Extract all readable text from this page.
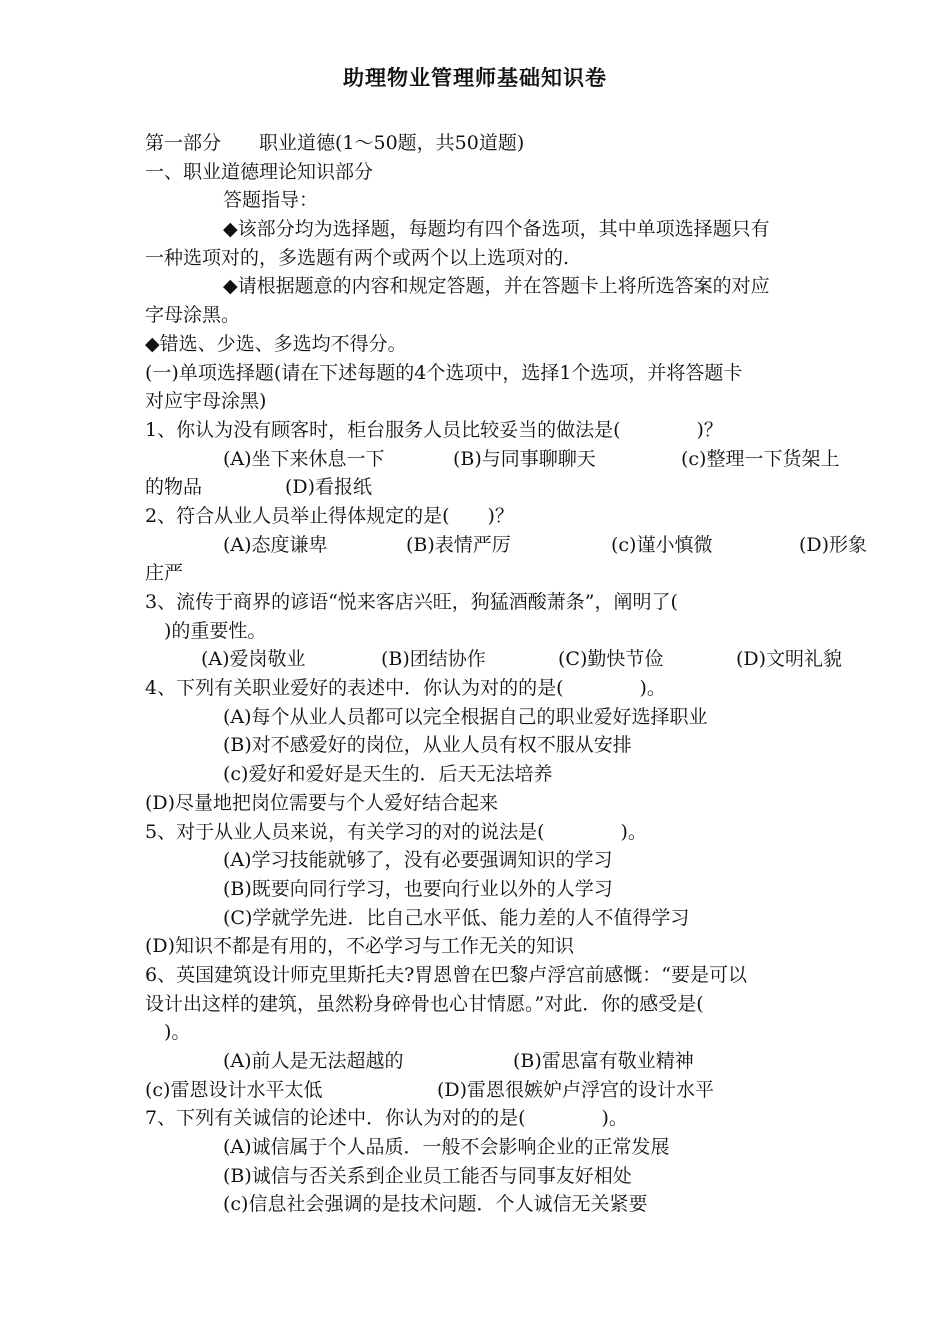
助理物业管理师基础知识卷
第一部分　　职业道德(1～50题，共50道题)
一、职业道德理论知识部分
答题指导：
◆该部分均为选择题，每题均有四个备选项，其中单项选择题只有
一种选项对的，多选题有两个或两个以上选项对的.
◆请根据题意的内容和规定答题，并在答题卡上将所选答案的对应
字母涂黑。
◆错选、少选、多选均不得分。
(一)单项选择题(请在下述每题的4个选项中，选择1个选项，并将答题卡
对应宇母涂黑)
1、你认为没有顾客时，柜台服务人员比较妥当的做法是(　　　　)？
(A)坐下来休息一下	(B)与同事聊聊天	(c)整理一下货架上
的物品	(D)看报纸
2、符合从业人员举止得体规定的是(　　)？
(A)态度谦卑	(B)表情严厉	(c)谨小慎微	(D)形象
庄严
3、流传于商界的谚语“悦来客店兴旺，狗猛酒酸萧条”，阐明了(
　)的重要性。
(A)爱岗敬业	(B)团结协作	(C)勤快节俭	(D)文明礼貌
4、下列有关职业爱好的表述中．你认为对的的是(　　　　)。
(A)每个从业人员都可以完全根据自己的职业爱好选择职业
(B)对不感爱好的岗位，从业人员有权不服从安排
(c)爱好和爱好是天生的．后天无法培养
(D)尽量地把岗位需要与个人爱好结合起来
5、对于从业人员来说，有关学习的对的说法是(　　　　)。
(A)学习技能就够了，没有必要强调知识的学习
(B)既要向同行学习，也要向行业以外的人学习
(C)学就学先进．比自己水平低、能力差的人不值得学习
(D)知识不都是有用的，不必学习与工作无关的知识
6、英国建筑设计师克里斯托夫?胃恩曾在巴黎卢浮宫前感慨：“要是可以
设计出这样的建筑，虽然粉身碎骨也心甘情愿。”对此．你的感受是(
　)。
(A)前人是无法超越的	(B)雷思富有敬业精神
(c)雷恩设计水平太低	(D)雷恩很嫉妒卢浮宫的设计水平
7、下列有关诚信的论述中．你认为对的的是(　　　　)。
(A)诚信属于个人品质．一般不会影响企业的正常发展
(B)诚信与否关系到企业员工能否与同事友好相处
(c)信息社会强调的是技术问题．个人诚信无关紧要
